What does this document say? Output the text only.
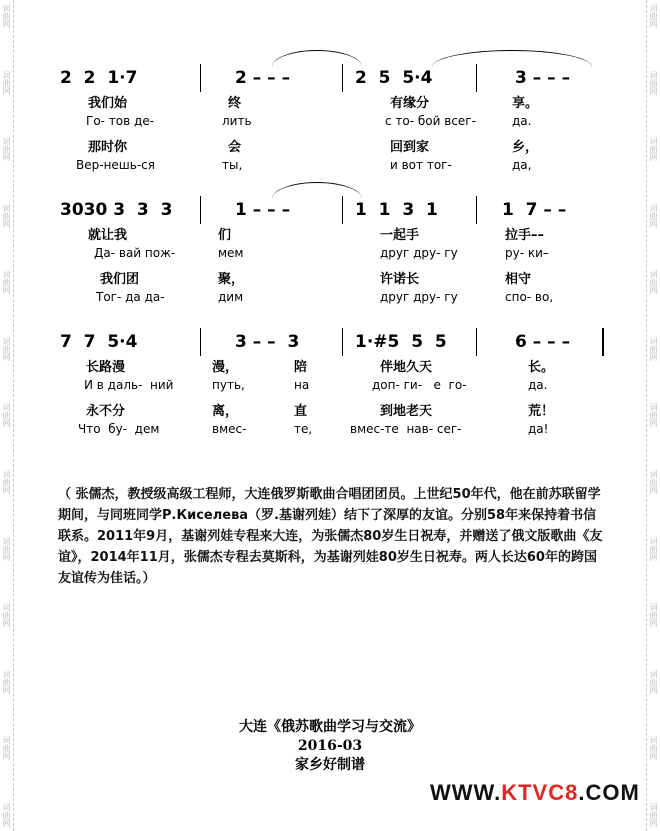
词曲网
词曲网
词曲网
词曲网
词曲网
词曲网
词曲网
词曲网
词曲网
词曲网
词曲网
词曲网
词曲网
词曲网
词曲网
词曲网
词曲网
词曲网
词曲网
词曲网
词曲网
词曲网
词曲网
词曲网
词曲网
词曲网
2  2  1·7	2 – – –	2  5  5·4	3 – – –
我们始	终	有缘分	享。
Го- тов де-	лить	с то- бой всег-	да.
那时你	会	回到家	乡，
Вер-нешь-ся	ты,	и вот тог-	да,
3030 3  3  3	1 – – –	1  1  3  1	1  7 – –
就让我	们	一起手	拉手––
Да- вай пож-	мем	друг дру- гу	ру- ки–
我们团	聚，	许诺长	相守
Тог- да да-	дим	друг дру- гу	спо- во,
7  7  5·4	3 – –  3	1·#5  5  5	6 – – –
长路漫	漫，	陪	伴地久天	长。
И в даль-  ний	путь,	на	доп- ги-   е  го-	да.
永不分	离，	直	到地老天	荒！
Что  бу-  дем	вмес-	те,	вмес-те  нав- сег-	да!
（ 张儒杰，教授级高级工程师，大连俄罗斯歌曲合唱团团员。上世纪50年代，他在前苏联留学期间，与同班同学Р.Киселева（罗.基谢列娃）结下了深厚的友谊。分别58年来保持着书信联系。2011年9月，基谢列娃专程来大连，为张儒杰80岁生日祝寿，并赠送了俄文版歌曲《友谊》，2014年11月，张儒杰专程去莫斯科，为基谢列娃80岁生日祝寿。两人长达60年的跨国友谊传为佳话。）
大连《俄苏歌曲学习与交流》
2016-03
家乡好制谱
WWW.KTVC8.COM
